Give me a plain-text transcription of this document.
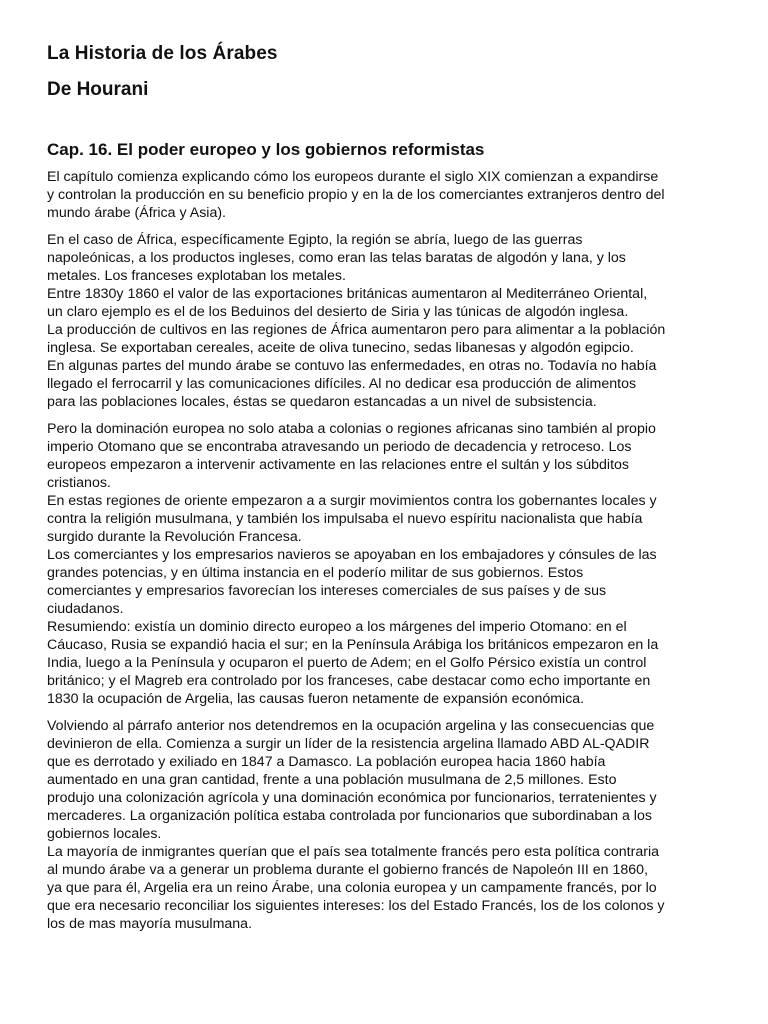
La Historia de los Árabes
De Hourani
Cap. 16. El poder europeo y los gobiernos reformistas

El capítulo comienza explicando cómo los europeos durante el siglo XIX comienzan a expandirse
y controlan la producción en su beneficio propio y en la de los comerciantes extranjeros dentro del
mundo árabe (África y Asia).

En el caso de África, específicamente Egipto, la región se abría, luego de las guerras
napoleónicas, a los productos ingleses, como eran las telas baratas de algodón y lana, y los
metales. Los franceses explotaban los metales.
Entre 1830y 1860 el valor de las exportaciones británicas aumentaron al Mediterráneo Oriental,
un claro ejemplo es el de los Beduinos del desierto de Siria y las túnicas de algodón inglesa.
La producción de cultivos en las regiones de África aumentaron pero para alimentar a la población
inglesa. Se exportaban cereales, aceite de oliva tunecino, sedas libanesas y algodón egipcio.
En algunas partes del mundo árabe se contuvo las enfermedades, en otras no. Todavía no había
llegado el ferrocarril y las comunicaciones difíciles. Al no dedicar esa producción de alimentos
para las poblaciones locales, éstas se quedaron estancadas a un nivel de subsistencia.

Pero la dominación europea no solo ataba a colonias o regiones africanas sino también al propio
imperio Otomano que se encontraba atravesando un periodo de decadencia y retroceso. Los
europeos empezaron a intervenir activamente en las relaciones entre el sultán y los súbditos
cristianos.
En estas regiones de oriente empezaron a a surgir movimientos contra los gobernantes locales y
contra la religión musulmana, y también los impulsaba el nuevo espíritu nacionalista que había
surgido durante la Revolución Francesa.
Los comerciantes y los empresarios navieros se apoyaban en los embajadores y cónsules de las
grandes potencias, y en última instancia en el poderío militar de sus gobiernos. Estos
comerciantes y empresarios favorecían los intereses comerciales de sus países y de sus
ciudadanos.
Resumiendo: existía un dominio directo europeo a los márgenes del imperio Otomano: en el
Cáucaso, Rusia se expandió hacia el sur; en la Península Arábiga los británicos empezaron en la
India, luego a la Península y ocuparon el puerto de Adem; en el Golfo Pérsico existía un control
británico; y el Magreb era controlado por los franceses, cabe destacar como echo importante en
1830 la ocupación de Argelia, las causas fueron netamente de expansión económica.

Volviendo al párrafo anterior nos detendremos en la ocupación argelina y las consecuencias que
devinieron de ella. Comienza a surgir un líder de la resistencia argelina llamado ABD AL-QADIR
que es derrotado y exiliado en 1847 a Damasco. La población europea hacia 1860 había
aumentado en una gran cantidad, frente a una población musulmana de 2,5 millones. Esto
produjo una colonización agrícola y una dominación económica por funcionarios, terratenientes y
mercaderes. La organización política estaba controlada por funcionarios que subordinaban a los
gobiernos locales.
La mayoría de inmigrantes querían que el país sea totalmente francés pero esta política contraria
al mundo árabe va a generar un problema durante el gobierno francés de Napoleón III en 1860,
ya que para él, Argelia era un reino Árabe, una colonia europea y un campamente francés, por lo
que era necesario reconciliar los siguientes intereses: los del Estado Francés, los de los colonos y
los de mas mayoría musulmana.
